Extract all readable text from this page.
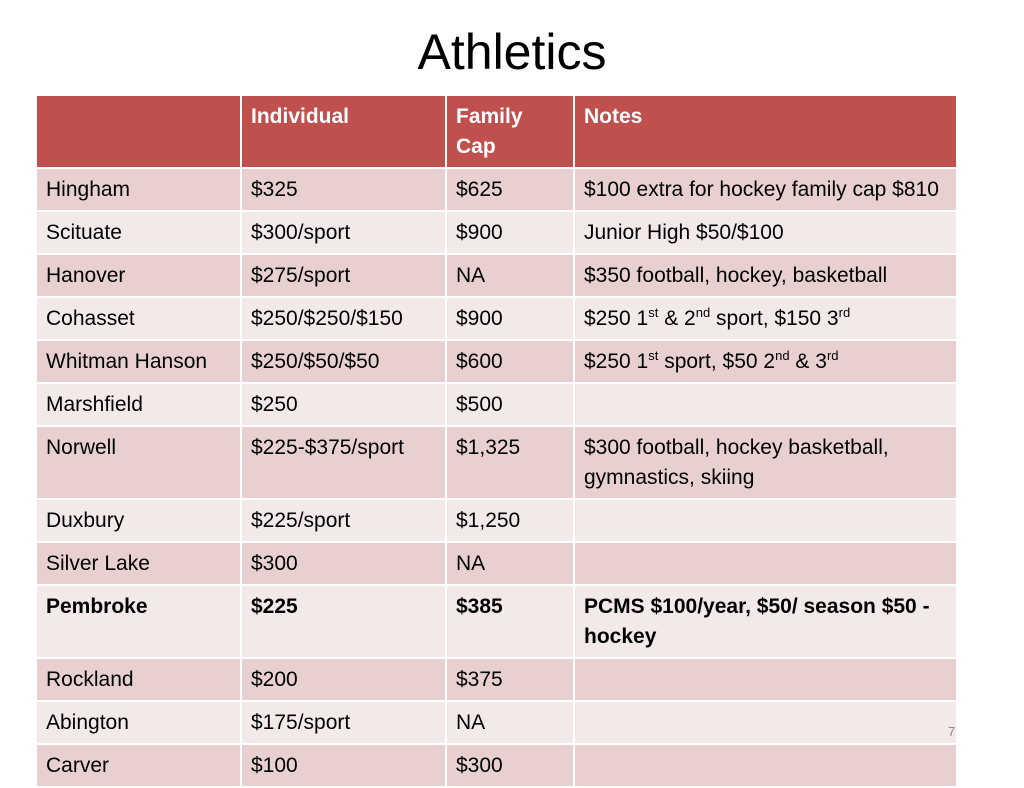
Athletics
	Individual	Family Cap	Notes
Hingham	$325	$625	$100 extra for hockey family cap $810
Scituate	$300/sport	$900	Junior High $50/$100
Hanover	$275/sport	NA	$350 football, hockey, basketball
Cohasset	$250/$250/$150	$900	$250 1st & 2nd sport, $150 3rd
Whitman Hanson	$250/$50/$50	$600	$250 1st sport, $50 2nd & 3rd
Marshfield	$250	$500	
Norwell	$225-$375/sport	$1,325	$300 football, hockey basketball, gymnastics, skiing
Duxbury	$225/sport	$1,250	
Silver Lake	$300	NA	
Pembroke	$225	$385	PCMS $100/year, $50/ season $50 -hockey
Rockland	$200	$375	
Abington	$175/sport	NA	
Carver	$100	$300	
7
